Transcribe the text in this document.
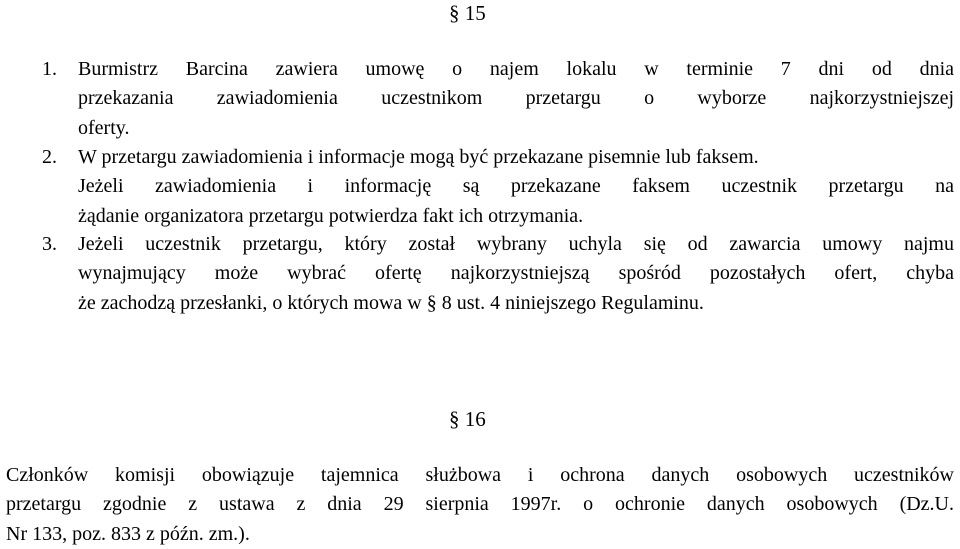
§ 15
1. Burmistrz Barcina zawiera umowę o najem lokalu w terminie 7 dni od dnia
przekazania zawiadomienia uczestnikom przetargu o wyborze najkorzystniejszej
oferty.
2. W przetargu zawiadomienia i informacje mogą być przekazane pisemnie lub faksem.
Jeżeli zawiadomienia i informację są przekazane faksem uczestnik przetargu na
żądanie organizatora przetargu potwierdza fakt ich otrzymania.
3. Jeżeli uczestnik przetargu, który został wybrany uchyla się od zawarcia umowy najmu
wynajmujący może wybrać ofertę najkorzystniejszą spośród pozostałych ofert, chyba
że zachodzą przesłanki, o których mowa w § 8 ust. 4 niniejszego Regulaminu.
§ 16
Członków komisji obowiązuje tajemnica służbowa i ochrona danych osobowych uczestników
przetargu zgodnie z ustawa z dnia 29 sierpnia 1997r. o ochronie danych osobowych (Dz.U.
Nr 133, poz. 833 z późn. zm.).
